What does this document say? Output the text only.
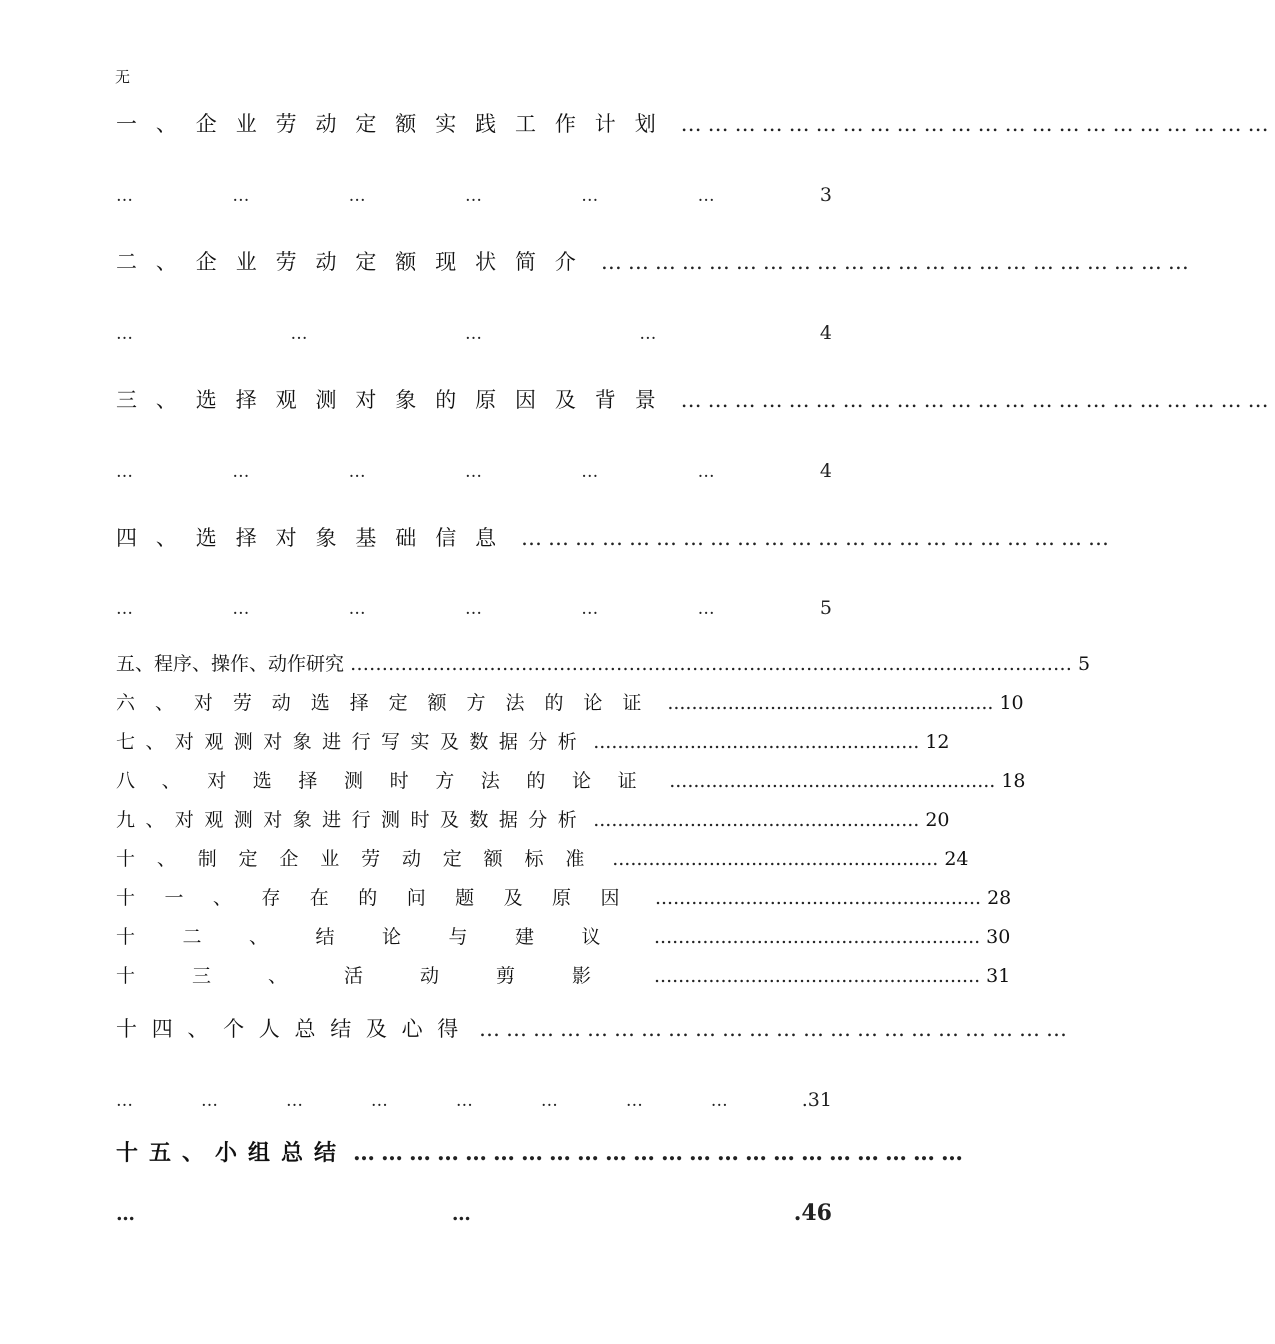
无
一、企业劳动定额实践工作计划 …………………………………………………………
…	…	…	…	…	…	3
二、企业劳动定额现状简介 …………………………………………………………
…	…	…	…	4
三、选择观测对象的原因及背景 …………………………………………………………
…	…	…	…	…	…	4
四、选择对象基础信息 …………………………………………………………
…	…	…	…	…	…	5
五、程序、操作、动作研究 …………………………………………………………………………………………………… 5
六、对劳动选择定额方法的论证 ...................................................... 10
七、对观测对象进行写实及数据分析 ...................................................... 12
八、对选择测时方法的论证 ...................................................... 18
九、对观测对象进行测时及数据分析 ...................................................... 20
十、制定企业劳动定额标准 ...................................................... 24
十一、存在的问题及原因 ...................................................... 28
十二、结论与建议 ...................................................... 30
十三、活动剪影 ...................................................... 31
十四、个人总结及心得 …………………………………………………………
…	…	…	…	…	…	…	…	.31
十五、小组总结 …………………………………………………………
…	…	.46
